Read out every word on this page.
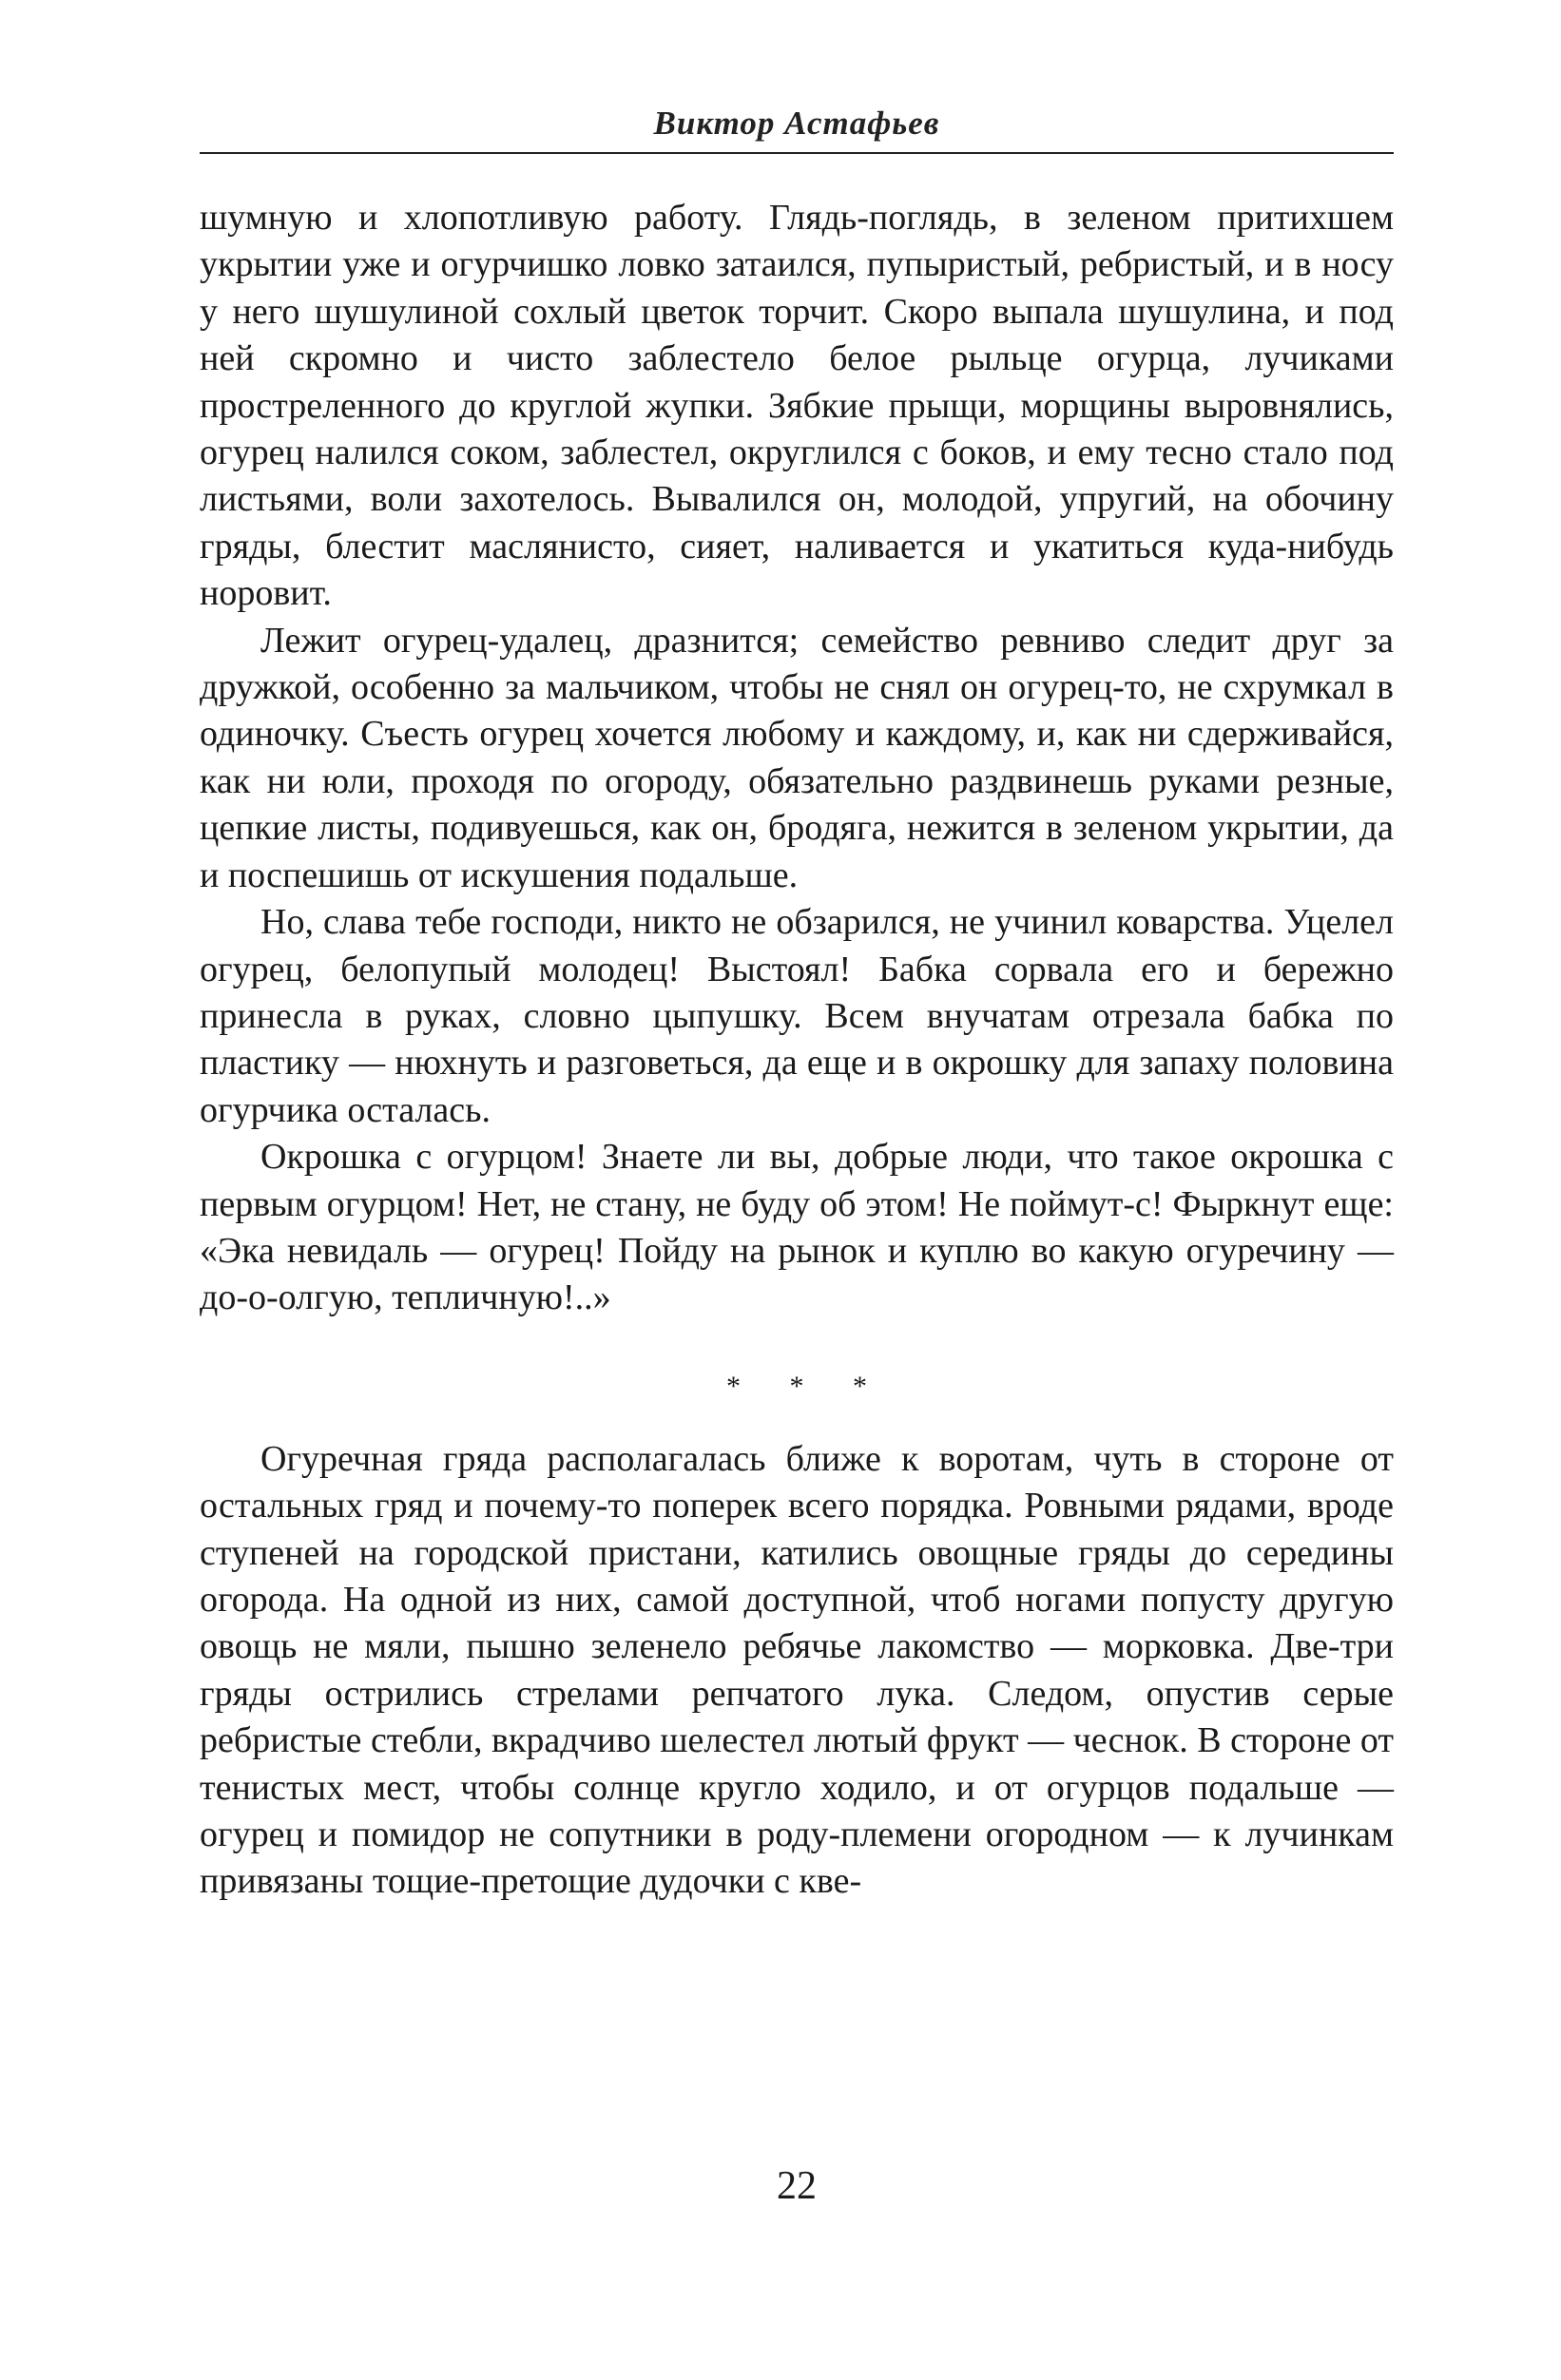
Виктор Астафьев

шумную и хлопотливую работу. Глядь-поглядь, в зеленом притихшем укрытии уже и огурчишко ловко затаился, пупыристый, ребристый, и в носу у него шушулиной сохлый цветок торчит. Скоро выпала шушулина, и под ней скромно и чисто заблестело белое рыльце огурца, лучиками простреленного до круглой жупки. Зябкие прыщи, морщины выровнялись, огурец налился соком, заблестел, округлился с боков, и ему тесно стало под листьями, воли захотелось. Вывалился он, молодой, упругий, на обочину гряды, блестит маслянисто, сияет, наливается и укатиться кудa-нибудь норовит.

Лежит огурец-удалец, дразнится; семейство ревниво следит друг за дружкой, особенно за мальчиком, чтобы не снял он огурец-то, не схрумкал в одиночку. Съесть огурец хочется любому и каждому, и, как ни сдерживайся, как ни юли, проходя по огороду, обязательно раздвинешь руками резные, цепкие листы, подивуешься, как он, бродяга, нежится в зеленом укрытии, да и поспешишь от искушения подальше.

Но, слава тебе господи, никто не обзарился, не учинил коварства. Уцелел огурец, белопупый молодец! Выстоял! Бабка сорвала его и бережно принесла в руках, словно цыпушку. Всем внучатам отрезала бабка по пластику — нюхнуть и разговеться, да еще и в окрошку для запаху половина огурчика осталась.

Окрошка с огурцом! Знаете ли вы, добрые люди, что такое окрошка с первым огурцом! Нет, не стану, не буду об этом! Не поймут-с! Фыркнут еще: «Эка невидаль — огурец! Пойду на рынок и куплю во какую огуречину — до-о-олгую, тепличную!..»

* * *

Огуречная гряда располагалась ближе к воротам, чуть в стороне от остальных гряд и почему-то поперек всего порядка. Ровными рядами, вроде ступеней на городской пристани, катились овощные гряды до середины огорода. На одной из них, самой доступной, чтоб ногами попусту другую овощь не мяли, пышно зеленело ребячье лакомство — морковка. Две-три гряды острились стрелами репчатого лука. Следом, опустив серые ребристые стебли, вкрадчиво шелестел лютый фрукт — чеснок. В стороне от тенистых мест, чтобы солнце кругло ходило, и от огурцов подальше — огурец и помидор не сопутники в роду-племени огородном — к лучинкам привязаны тощие-претощие дудочки с кве-

22
